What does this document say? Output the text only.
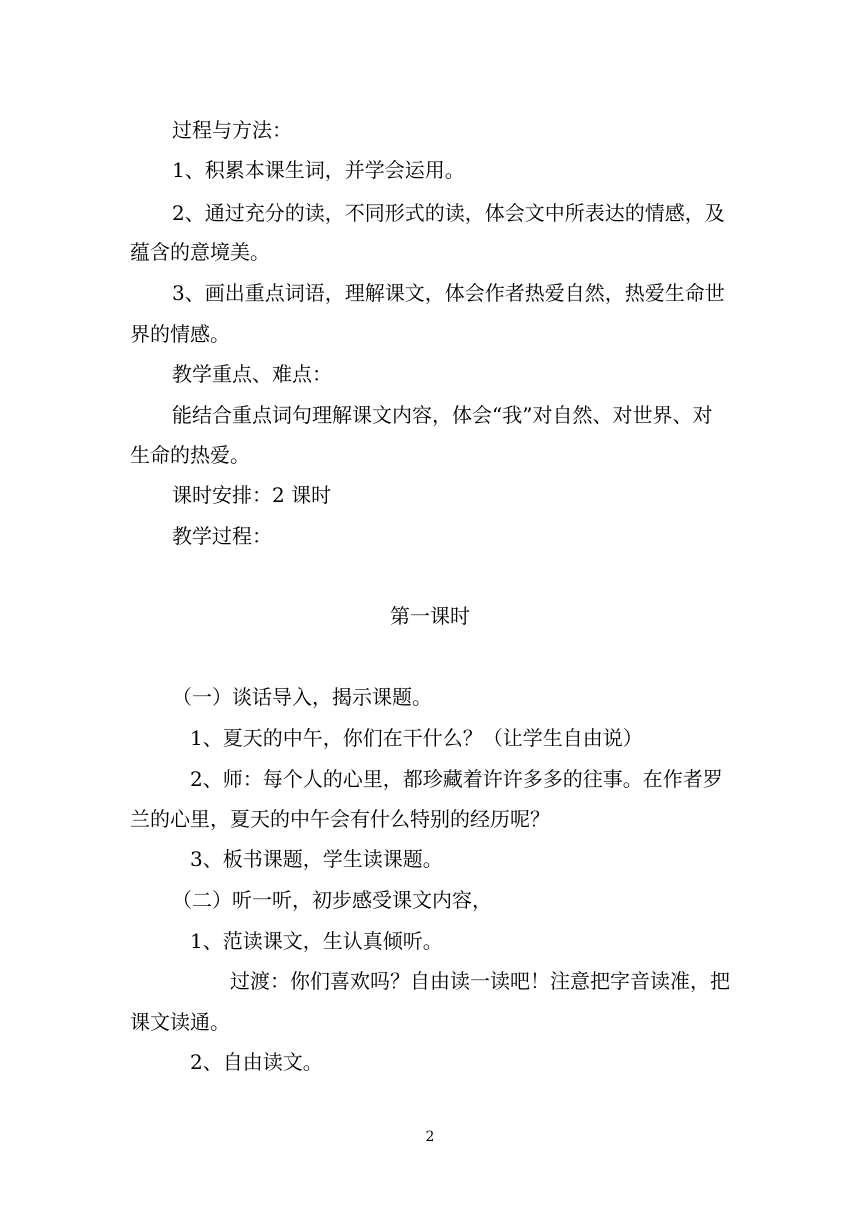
过程与方法：
1、积累本课生词，并学会运用。
2、通过充分的读，不同形式的读，体会文中所表达的情感，及
蕴含的意境美。
3、画出重点词语，理解课文，体会作者热爱自然，热爱生命世
界的情感。
教学重点、难点：
能结合重点词句理解课文内容，体会“我”对自然、对世界、对
生命的热爱。
课时安排：2 课时
教学过程：
第一课时
（一）谈话导入，揭示课题。
1、夏天的中午，你们在干什么？（让学生自由说）
2、师：每个人的心里，都珍藏着许许多多的往事。在作者罗
兰的心里，夏天的中午会有什么特别的经历呢？
3、板书课题，学生读课题。
（二）听一听，初步感受课文内容，
1、范读课文，生认真倾听。
过渡：你们喜欢吗？自由读一读吧！注意把字音读准，把
课文读通。
2、自由读文。
2
